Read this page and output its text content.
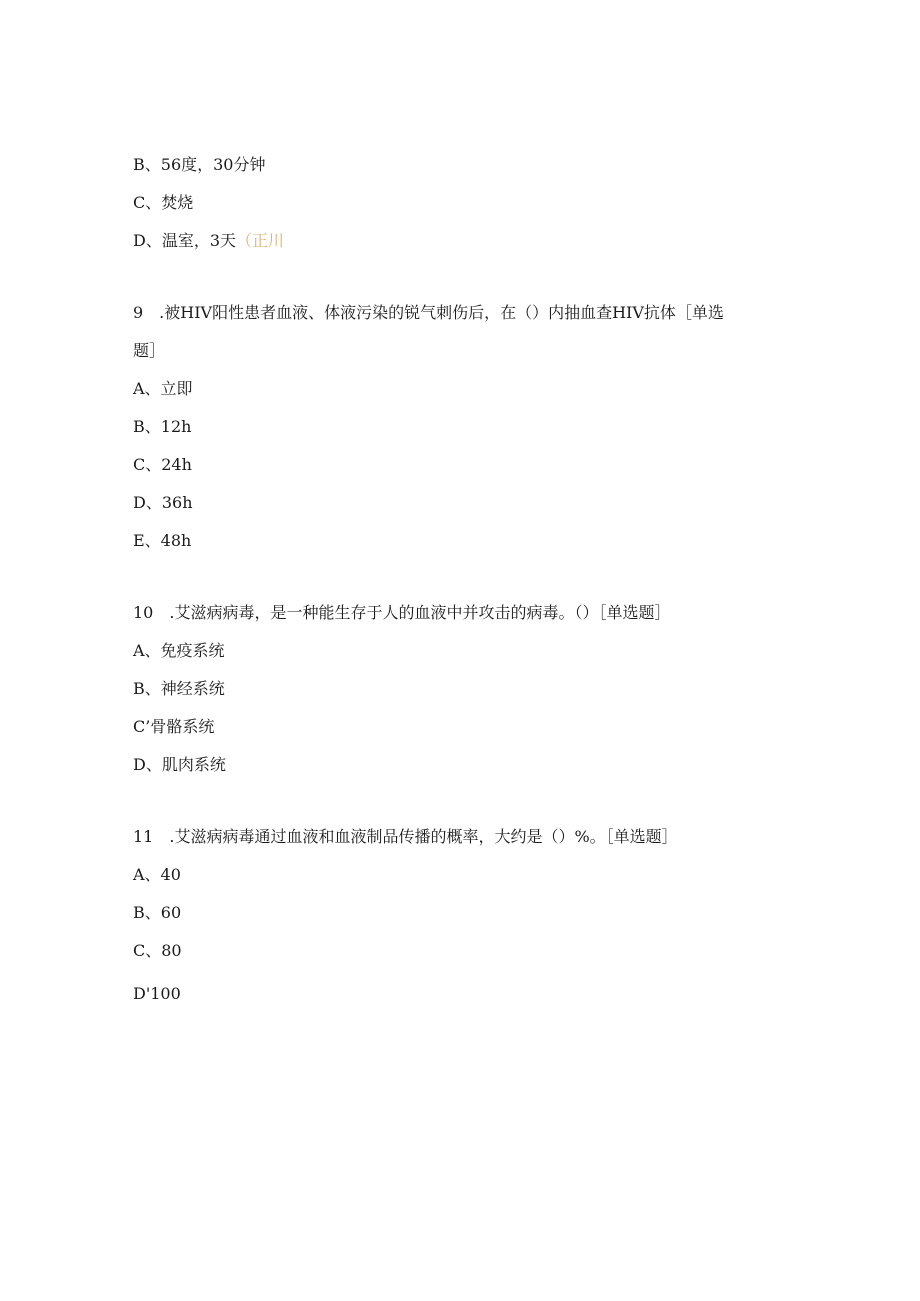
B、56度，30分钟
C、焚烧
D、温室，3天（正川
9　.被HIV阳性患者血液、体液污染的锐气刺伤后，在（）内抽血查HIV抗体［单选
题］
A、立即
B、12h
C、24h
D、36h
E、48h
10　.艾滋病病毒，是一种能生存于人的血液中并攻击的病毒。（）［单选题］
A、免疫系统
B、神经系统
C’骨骼系统
D、肌肉系统
11　.艾滋病病毒通过血液和血液制品传播的概率，大约是（）%。［单选题］
A、40
B、60
C、80
D'100
